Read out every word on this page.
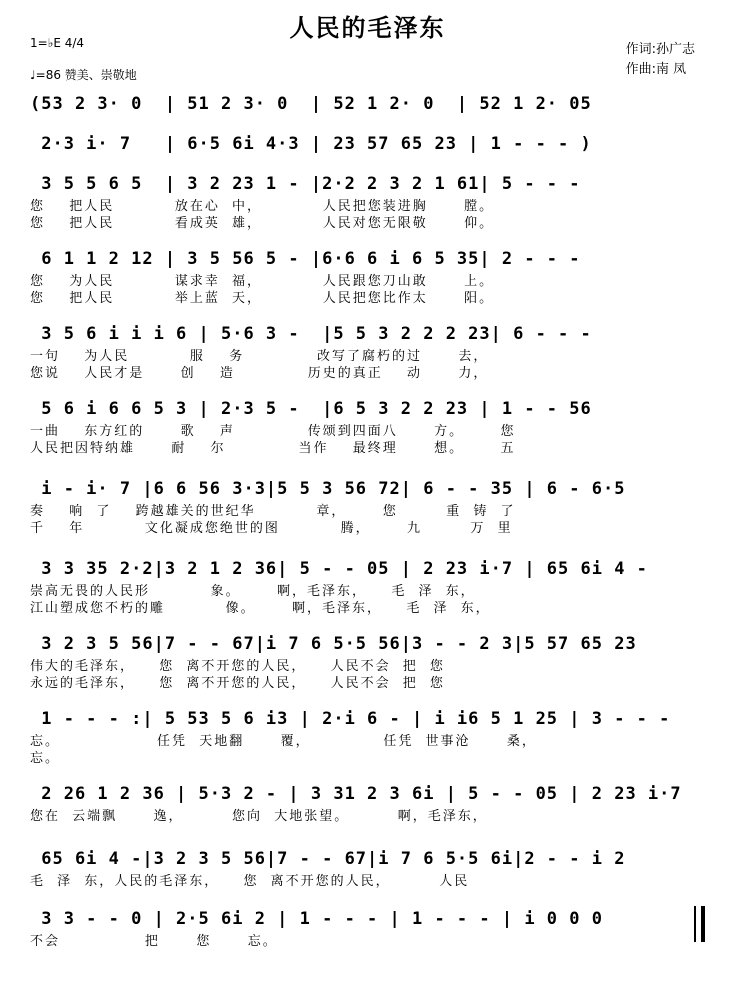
人民的毛泽东
1=♭E 4/4
♩=86 赞美、崇敬地
作词:孙广志
作曲:南 凤
(53 2 3· 0  | 51 2 3· 0  | 52 1 2· 0  | 52 1 2· 05
2·3 i· 7   | 6·5 6i 4·3 | 23 57 65 23 | 1 - - - )
3 5 5 6 5  | 3 2 23 1 - |2·2 2 3 2 1 61| 5 - - -
您  把人民     放在心 中，     人民把您装进胸   膛。
您  把人民     看成英 雄，     人民对您无限敬   仰。
6 1 1 2 12 | 3 5 56 5 - |6·6 6 i 6 5 35| 2 - - -
您  为人民     谋求幸 福，     人民跟您刀山敢   上。
您  把人民     举上蓝 天，     人民把您比作太   阳。
3 5 6 i i i 6 | 5·6 3 -  |5 5 3 2 2 2 23| 6 - - -
一句  为人民     服  务      改写了腐朽的过   去，
您说  人民才是   创  造      历史的真正  动   力，
5 6 i 6 6 5 3 | 2·3 5 -  |6 5 3 2 2 23 | 1 - - 56
一曲  东方红的   歌  声      传颂到四面八   方。   您
人民把因特纳雄   耐  尔      当作  最终理   想。   五
i - i· 7 |6 6 56 3·3|5 5 3 56 72| 6 - - 35 | 6 - 6·5
奏  响 了  跨越雄关的世纪华     章，   您    重 铸 了
千  年     文化凝成您绝世的图     腾，   九    万 里
3 3 35 2·2|3 2 1 2 36| 5 - - 05 | 2 23 i·7 | 65 6i 4 -
崇高无畏的人民形     象。   啊，毛泽东，  毛 泽 东，
江山塑成您不朽的雕     像。   啊，毛泽东，  毛 泽 东，
3 2 3 5 56|7 - - 67|i 7 6 5·5 56|3 - - 2 3|5 57 65 23
伟大的毛泽东，  您 离不开您的人民，  人民不会 把 您
永远的毛泽东，  您 离不开您的人民，  人民不会 把 您
1 - - - :| 5 53 5 6 i3 | 2·i 6 - | i i6 5 1 25 | 3 - - -
忘。        任凭 天地翻   覆，      任凭 世事沧   桑，
忘。
2 26 1 2 36 | 5·3 2 - | 3 31 2 3 6i | 5 - - 05 | 2 23 i·7
您在 云端飘   逸，    您向 大地张望。    啊，毛泽东，
65 6i 4 -|3 2 3 5 56|7 - - 67|i 7 6 5·5 6i|2 - - i 2
毛 泽 东，人民的毛泽东，  您 离不开您的人民，    人民
3 3 - - 0 | 2·5 6i 2 | 1 - - - | 1 - - - | i 0 0 0
不会       把   您   忘。
